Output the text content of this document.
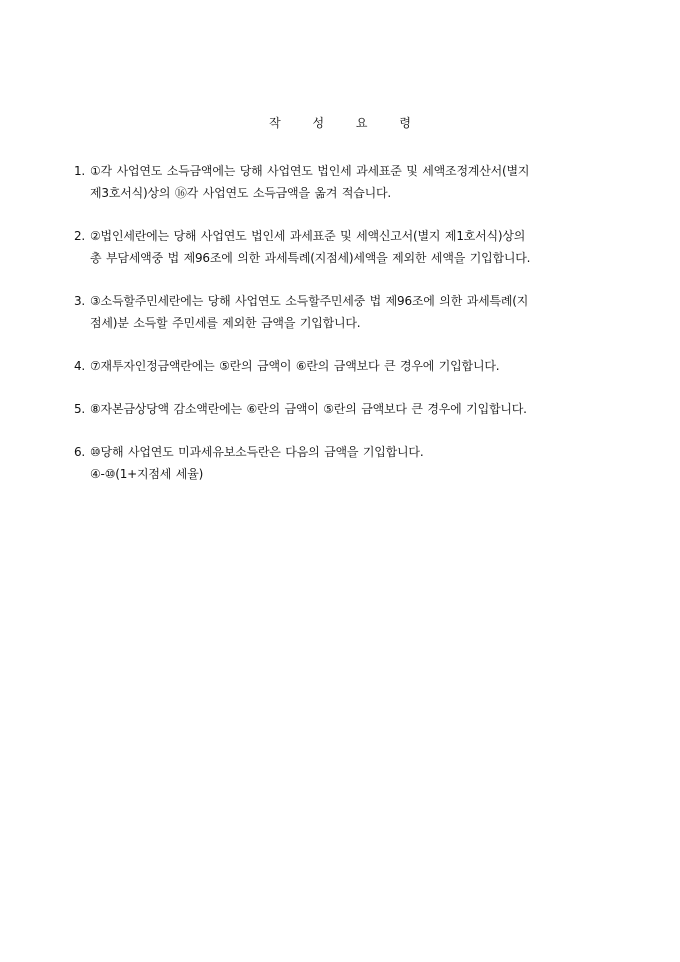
작 성 요 령
1. ①각 사업연도 소득금액에는 당해 사업연도 법인세 과세표준 및 세액조정계산서(별지
제3호서식)상의 ⑯각 사업연도 소득금액을 옮겨 적습니다.
2. ②법인세란에는 당해 사업연도 법인세 과세표준 및 세액신고서(별지 제1호서식)상의
총 부담세액중 법 제96조에 의한 과세특례(지점세)세액을 제외한 세액을 기입합니다.
3. ③소득할주민세란에는 당해 사업연도 소득할주민세중 법 제96조에 의한 과세특례(지
점세)분 소득할 주민세를 제외한 금액을 기입합니다.
4. ⑦재투자인정금액란에는 ⑤란의 금액이 ⑥란의 금액보다 큰 경우에 기입합니다.
5. ⑧자본금상당액 감소액란에는 ⑥란의 금액이 ⑤란의 금액보다 큰 경우에 기입합니다.
6. ⑩당해 사업연도 미과세유보소득란은 다음의 금액을 기입합니다.
④-⑩(1+지점세 세율)
